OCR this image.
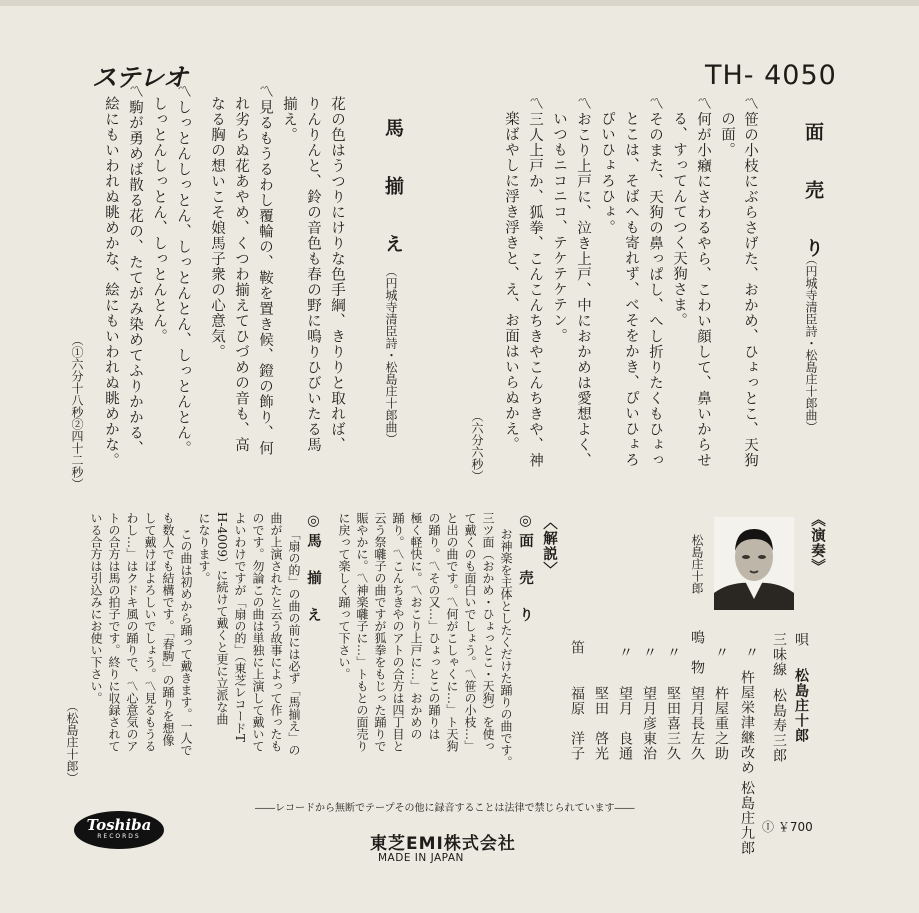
ステレオ	TH- 4050
面　売　り
（円城寺清臣詩・松島庄十郎曲）
〽笹の小枝にぶらさげた、おかめ、ひょっとこ、天狗
の面。
〽何が小癪にさわるやら、こわい顔して、鼻いからせ
る、すってんてつく天狗さま。
〽そのまた、天狗の鼻っぱし、へし折りたくもひょっ
とこは、そばへも寄れず、べそをかき、ぴいひょろ
ぴいひょろひょ。
〽おこり上戸に、泣き上戸、中におかめは愛想よく、
いつもニコニコ、テケテケテン。
〽三人上戸か、狐拳、こんこんちきやこんちきや、神
楽ばやしに浮き浮きと、え、お面はいらぬかえ。
（六分六秒）
馬　揃　え
（円城寺清臣詩・松島庄十郎曲）
花の色はうつりにけりな色手綱、きりりと取れば、
りんりんと、鈴の音色も春の野に鳴りひびいたる馬
揃え。
〽見るもうるわし覆輪の、鞍を置き候、鐙の飾り、何
れ劣らぬ花あやめ、くつわ揃えてひづめの音も、高
なる胸の想いこそ娘馬子衆の心意気。
〽しっとんしっとん、しっとんとん、しっとんとん。
しっとんしっとん、しっとんとん。
〽駒が勇めば散る花の、たてがみ染めてふりかかる、
絵にもいわれぬ眺めかな、絵にもいわれぬ眺めかな。
（①六分十八秒②四十二秒）
《演奏》
松島庄十郎
唄
松島庄十郎
三味線
松島寿三郎
〃
杵屋栄津継改め 松島庄九郎
〃
杵屋重之助
鳴　物
望月長左久
〃
堅田喜三久
〃
望月彦東治
〃
望月　良通
堅田　啓光
笛
福原　洋子
〈解説〉
◎面　売　り
お神楽を主体としたくだけた踊りの曲です。
三ツ面（おかめ・ひょっとこ・天狗）を使っ
て戴くのも面白いでしょう。〽笹の小枝…」
と出の曲です。〽何がこしゃくに…」ト天狗
の踊り。〽その又…」ひょっとこの踊りは
極く軽快に。〽おこり上戸に…」おかめの
踊り。〽こんちきやのアトの合方は四丁目と
云う祭囃子の曲ですが狐拳をもじった踊りで
賑やかに。〽神楽囃子に…」トもとの面売り
に戻って楽しく踊って下さい。
◎馬　揃　え
「扇の的」の曲の前には必ず「馬揃え」の
曲が上演されたと云う故事によって作ったも
のです。勿論この曲は単独に上演して戴いて
よいわけですが「扇の的」（東芝レコードT
H-4009）に続けて戴くと更に立派な曲
になります。
この曲は初めから踊って戴きます。一人で
も数人でも結構です。「春駒」の踊りを想像
して戴けばよろしいでしょう。〽見るもうる
わし…」はクドキ風の踊りで、〽心意気のア
トの合方は馬の拍子です。終りに収録されて
いる合方は引込みにお使い下さい。
（松島庄十郎）
――レコードから無断でテープその他に録音することは法律で禁じられています――
Toshiba
RECORDS
Ⓘ ￥700
東芝EMI株式会社
MADE IN JAPAN
